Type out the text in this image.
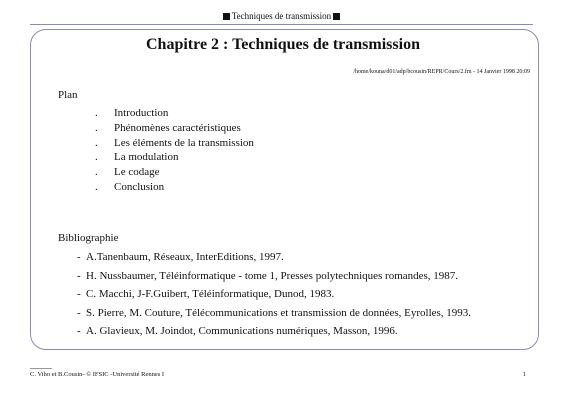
Techniques de transmission
Chapitre 2 : Techniques de transmission
/home/kouna/d01/adp/bcousin/REPR/Cours/2.fm - 14 Janvier 1998 20:09
Plan
. Introduction
. Phénomènes caractéristiques
. Les éléments de la transmission
. La modulation
. Le codage
. Conclusion
Bibliographie
- A.Tanenbaum, Réseaux, InterEditions, 1997.
- H. Nussbaumer, Téléinformatique - tome 1, Presses polytechniques romandes, 1987.
- C. Macchi, J-F.Guibert, Téléinformatique, Dunod, 1983.
- S. Pierre, M. Couture, Télécommunications et transmission de données, Eyrolles, 1993.
- A. Glavieux, M. Joindot, Communications numériques, Masson, 1996.
C. Viho et B.Cousin- © IFSIC -Université Rennes I	1
